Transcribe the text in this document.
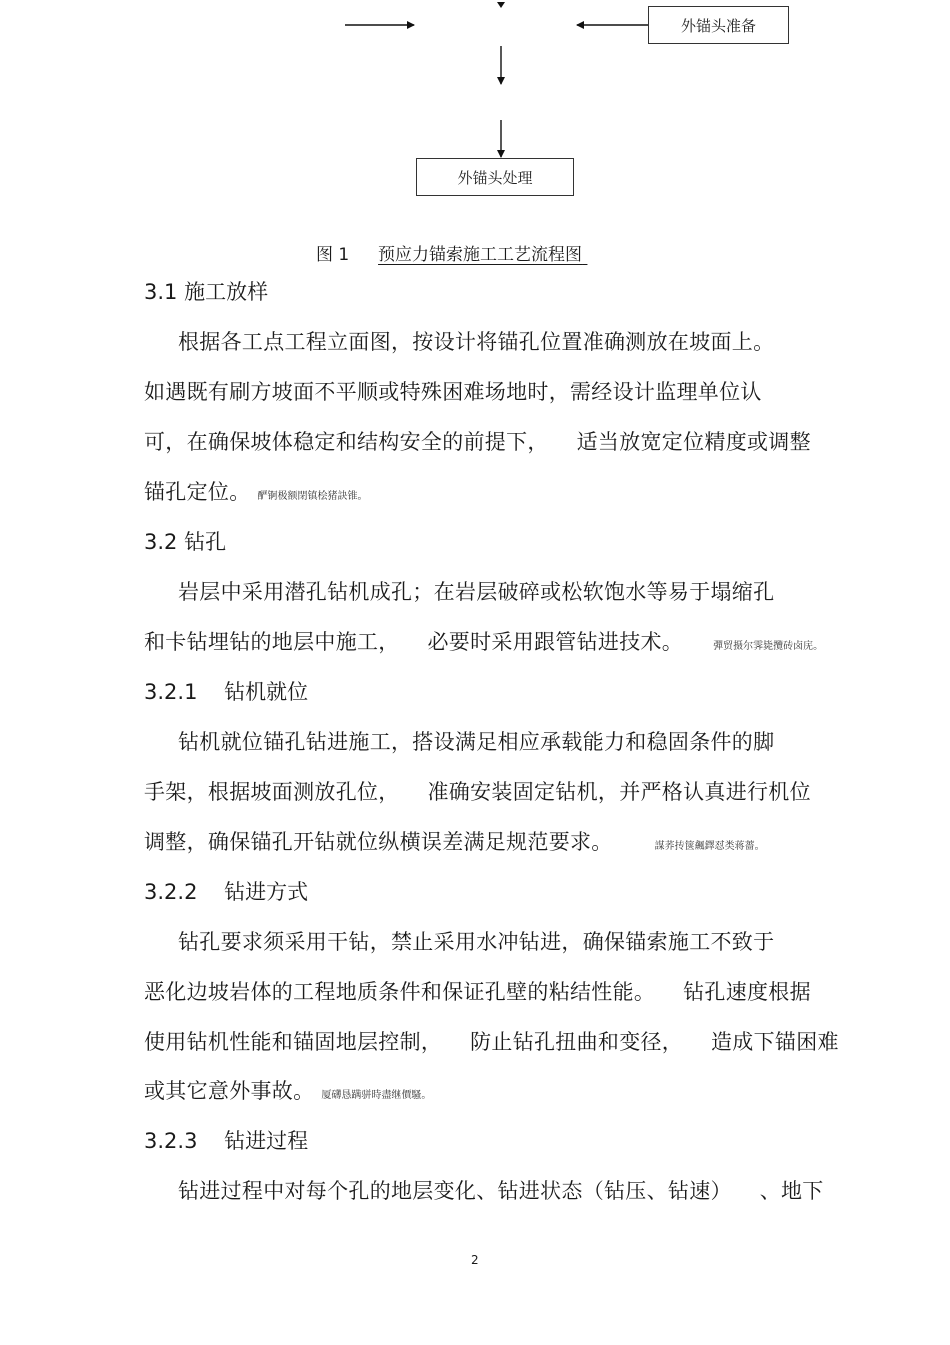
外锚头准备
外锚头处理
图 1 预应力锚索施工工艺流程图
3.1 施工放样
根据各工点工程立面图，按设计将锚孔位置准确测放在坡面上。
如遇既有刷方坡面不平顺或特殊困难场地时，需经设计监理单位认
可，在确保坡体稳定和结构安全的前提下，    适当放宽定位精度或调整
锚孔定位。 酽锕极额閉镇桧猪訣锥。
3.2 钻孔
岩层中采用潜孔钻机成孔；在岩层破碎或松软饱水等易于塌缩孔
和卡钻埋钻的地层中施工，    必要时采用跟管钻进技术。	彈贸摄尔霁毙攬砖卤庑。
3.2.1    钻机就位
钻机就位锚孔钻进施工，搭设满足相应承载能力和稳固条件的脚
手架，根据坡面测放孔位，    准确安装固定钻机，并严格认真进行机位
调整，确保锚孔开钻就位纵横误差满足规范要求。	謀荞抟箧飆鐸怼类蒋薔。
3.2.2    钻进方式
钻孔要求须采用干钻，禁止采用水冲钻进，确保锚索施工不致于
恶化边坡岩体的工程地质条件和保证孔壁的粘结性能。    钻孔速度根据
使用钻机性能和锚固地层控制，    防止钻孔扭曲和变径，    造成下锚困难
或其它意外事故。 厦礴恳蹒骈時盡继價騷。
3.2.3    钻进过程
钻进过程中对每个孔的地层变化、钻进状态（钻压、钻速）    、地下
2
